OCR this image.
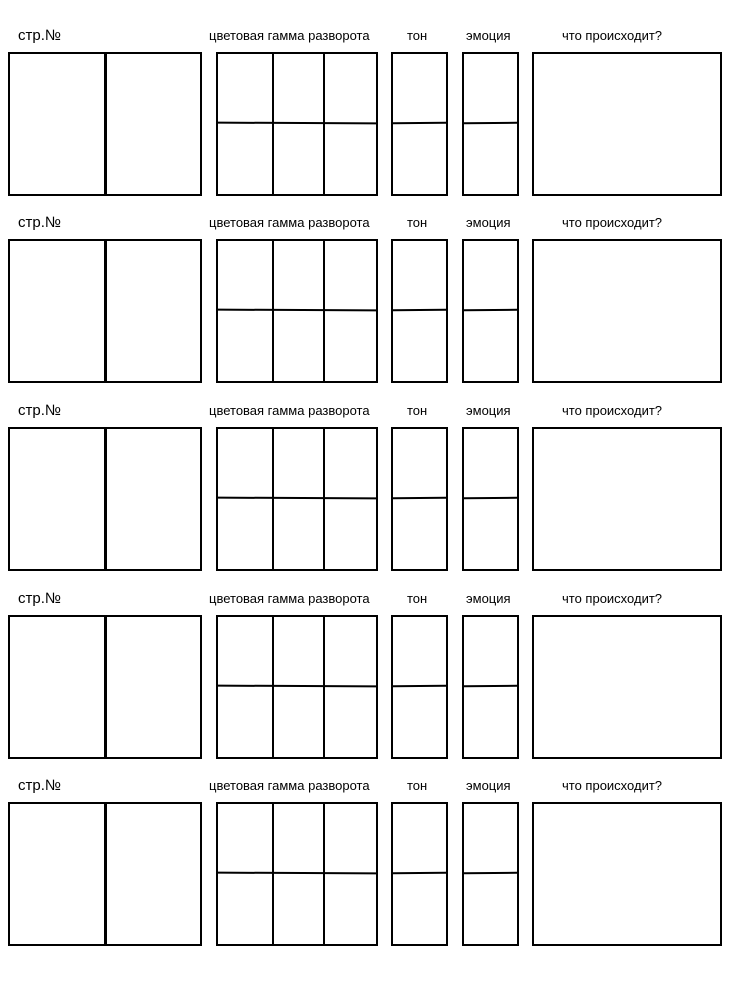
стр.№	цветовая гамма разворота	тон	эмоция	что происходит?
стр.№	цветовая гамма разворота	тон	эмоция	что происходит?
стр.№	цветовая гамма разворота	тон	эмоция	что происходит?
стр.№	цветовая гамма разворота	тон	эмоция	что происходит?
стр.№	цветовая гамма разворота	тон	эмоция	что происходит?
